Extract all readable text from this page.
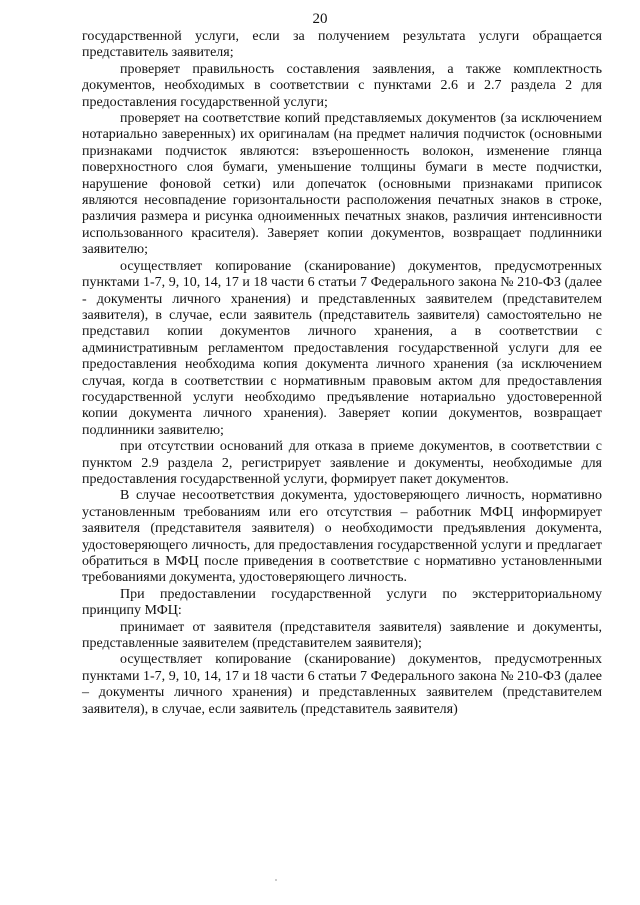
20

государственной услуги, если за получением результата услуги обращается представитель заявителя;

проверяет правильность составления заявления, а также комплектность документов, необходимых в соответствии с пунктами 2.6 и 2.7 раздела 2 для предоставления государственной услуги;

проверяет на соответствие копий представляемых документов (за исключением нотариально заверенных) их оригиналам (на предмет наличия подчисток (основными признаками подчисток являются: взъерошенность волокон, изменение глянца поверхностного слоя бумаги, уменьшение толщины бумаги в месте подчистки, нарушение фоновой сетки) или допечаток (основными признаками приписок являются несовпадение горизонтальности расположения печатных знаков в строке, различия размера и рисунка одноименных печатных знаков, различия интенсивности использованного красителя). Заверяет копии документов, возвращает подлинники заявителю;

осуществляет копирование (сканирование) документов, предусмотренных пунктами 1-7, 9, 10, 14, 17 и 18 части 6 статьи 7 Федерального закона № 210-ФЗ (далее - документы личного хранения) и представленных заявителем (представителем заявителя), в случае, если заявитель (представитель заявителя) самостоятельно не представил копии документов личного хранения, а в соответствии с административным регламентом предоставления государственной услуги для ее предоставления необходима копия документа личного хранения (за исключением случая, когда в соответствии с нормативным правовым актом для предоставления государственной услуги необходимо предъявление нотариально удостоверенной копии документа личного хранения). Заверяет копии документов, возвращает подлинники заявителю;

при отсутствии оснований для отказа в приеме документов, в соответствии с пунктом 2.9 раздела 2, регистрирует заявление и документы, необходимые для предоставления государственной услуги, формирует пакет документов.

В случае несоответствия документа, удостоверяющего личность, нормативно установленным требованиям или его отсутствия – работник МФЦ информирует заявителя (представителя заявителя) о необходимости предъявления документа, удостоверяющего личность, для предоставления государственной услуги и предлагает обратиться в МФЦ после приведения в соответствие с нормативно установленными требованиями документа, удостоверяющего личность.

При предоставлении государственной услуги по экстерриториальному принципу МФЦ:

принимает от заявителя (представителя заявителя) заявление и документы, представленные заявителем (представителем заявителя);

осуществляет копирование (сканирование) документов, предусмотренных пунктами 1-7, 9, 10, 14, 17 и 18 части 6 статьи 7 Федерального закона № 210-ФЗ (далее – документы личного хранения) и представленных заявителем (представителем заявителя), в случае, если заявитель (представитель заявителя)
